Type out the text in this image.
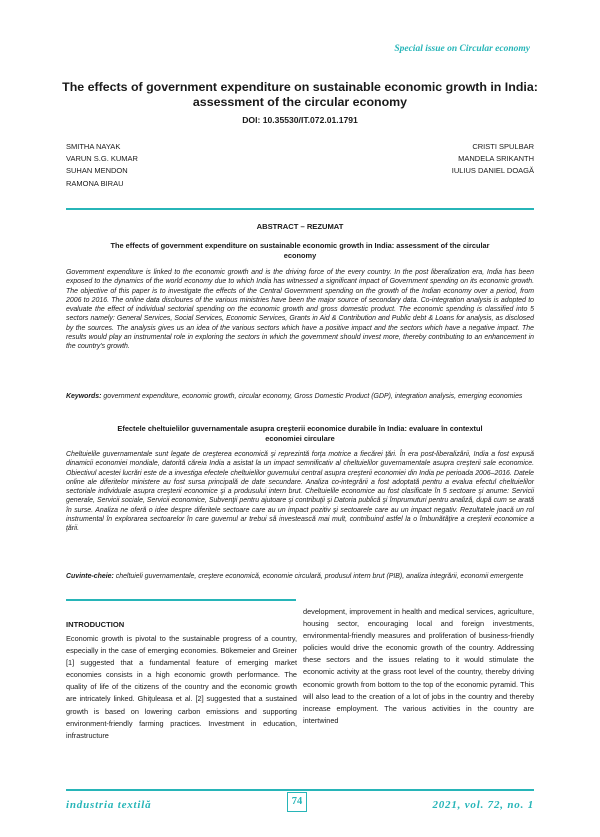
Special issue on Circular economy
The effects of government expenditure on sustainable economic growth in India: assessment of the circular economy
DOI: 10.35530/IT.072.01.1791
SMITHA NAYAK
VARUN S.G. KUMAR
SUHAN MENDON
RAMONA BIRAU
CRISTI SPULBAR
MANDELA SRIKANTH
IULIUS DANIEL DOAGĂ
ABSTRACT – REZUMAT
The effects of government expenditure on sustainable economic growth in India: assessment of the circular economy

Government expenditure is linked to the economic growth and is the driving force of the every country. In the post liberalization era, India has been exposed to the dynamics of the world economy due to which India has witnessed a significant impact of Government spending on its economic growth. The objective of this paper is to investigate the effects of the Central Government spending on the growth of the Indian economy over a period, from 2006 to 2016. The online data discloures of the various ministries have been the major source of secondary data. Co-integration analysis is adopted to evaluate the effect of individual sectorial spending on the economic growth and gross domestic product. The economic spending is classified into 5 sectors namely: General Services, Social Services, Economic Services, Grants in Aid & Contribution and Public debt & Loans for analysis, as disclosed by the sources. The analysis gives us an idea of the various sectors which have a positive impact and the sectors which have a negative impact. The results would play an instrumental role in exploring the sectors in which the government should invest more, thereby contributing to an enhancement in the country's growth.

Keywords: government expenditure, economic growth, circular economy, Gross Domestic Product (GDP), integration analysis, emerging economies

Efectele cheltuielilor guvernamentale asupra creşterii economice durabile în India: evaluare în contextul economiei circulare

Cheltuielile guvernamentale sunt legate de creşterea economică şi reprezintă forţa motrice a fiecărei ţări. În era post-liberalizării, India a fost expusă dinamicii economiei mondiale, datorită căreia India a asistat la un impact semnificativ al cheltuielilor guvernamentale asupra creşterii sale economice. Obiectivul acestei lucrări este de a investiga efectele cheltuielilor guvernului central asupra creşterii economiei din India pe perioada 2006–2016. Datele online ale diferitelor ministere au fost sursa principală de date secundare. Analiza co-integrării a fost adoptată pentru a evalua efectul cheltuielilor sectoriale individuale asupra creşterii economice şi a produsului intern brut. Cheltuielile economice au fost clasificate în 5 sectoare şi anume: Servicii generale, Servicii sociale, Servicii economice, Subvenţii pentru ajutoare şi contribuţii şi Datoria publică şi împrumuturi pentru analiză, după cum se arată în surse. Analiza ne oferă o idee despre diferitele sectoare care au un impact pozitiv şi sectoarele care au un impact negativ. Rezultatele joacă un rol instrumental în explorarea sectoarelor în care guvernul ar trebui să investească mai mult, contribuind astfel la o îmbunătăţire a creşterii economice a ţării.

Cuvinte-cheie: cheltuieli guvernamentale, creştere economică, economie circulară, produsul intern brut (PIB), analiza integrării, economii emergente

INTRODUCTION

Economic growth is pivotal to the sustainable progress of a country, especially in the case of emerging economies. Bökemeier and Greiner [1] suggested that a fundamental feature of emerging market economies consists in a high economic growth performance. The quality of life of the citizens of the country and the economic growth are intricately linked. Ghiţuleasa et al. [2] suggested that a sustained growth is based on lowering carbon emissions and supporting environment-friendly farming practices. Investment in education, infrastructure

development, improvement in health and medical services, agriculture, housing sector, encouraging local and foreign investments, environmental-friendly measures and proliferation of business-friendly policies would drive the economic growth of the country. Addressing these sectors and the issues relating to it would stimulate the economic activity at the grass root level of the country, thereby driving economic growth from bottom to the top of the economic pyramid. This will also lead to the creation of a lot of jobs in the country and thereby increase employment. The various activities in the country are intertwined

industria textilă	74	2021, vol. 72, no. 1
